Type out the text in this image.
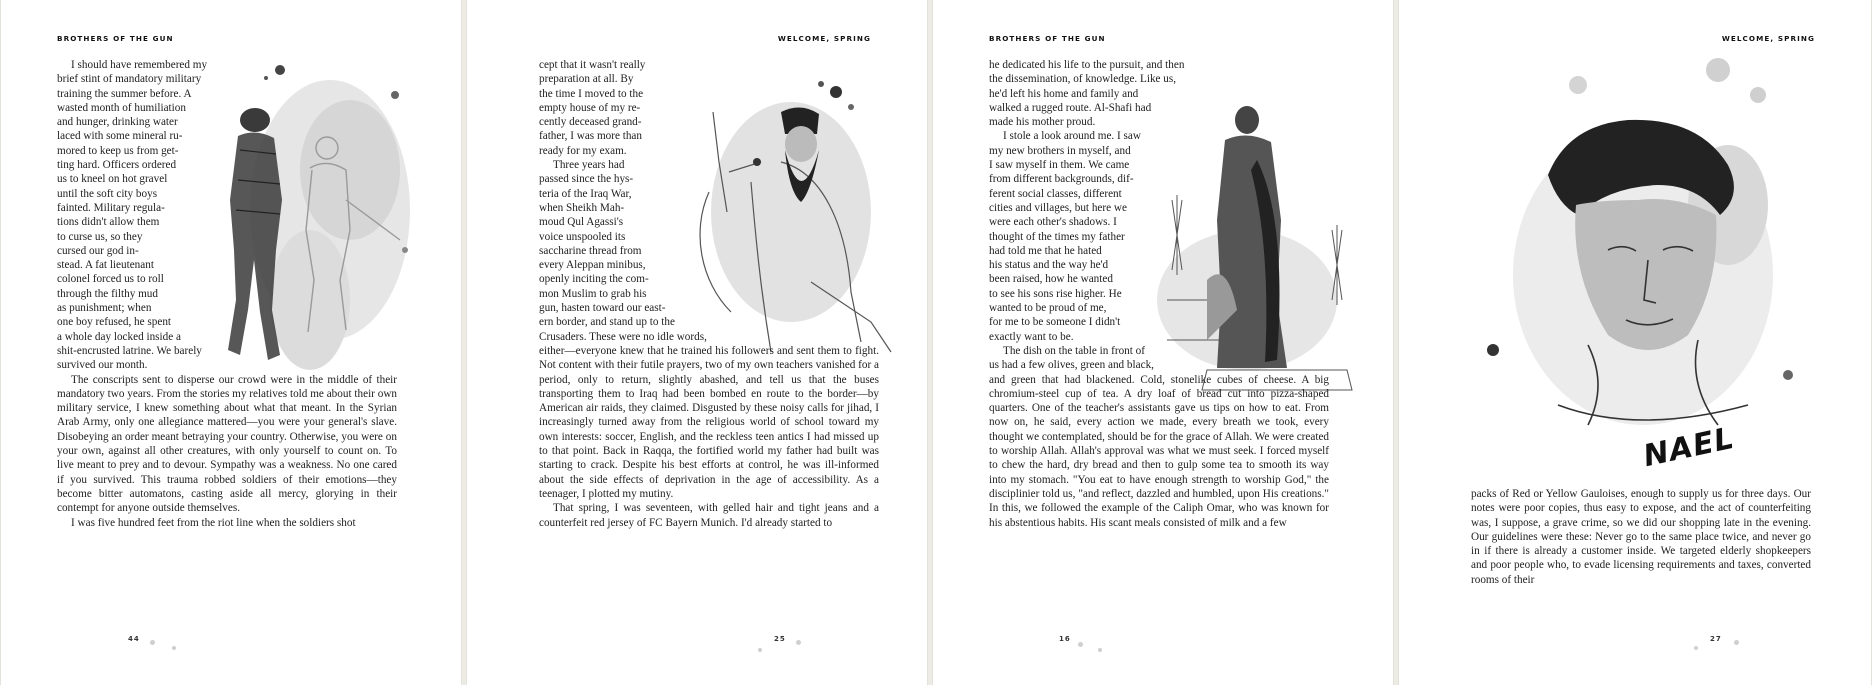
BROTHERS OF THE GUN
I should have remembered my
brief stint of mandatory military
training the summer before. A
wasted month of humiliation
and hunger, drinking water
laced with some mineral ru-
mored to keep us from get-
ting hard. Officers ordered
us to kneel on hot gravel
until the soft city boys
fainted. Military regula-
tions didn't allow them
to curse us, so they
cursed our god in-
stead. A fat lieutenant
colonel forced us to roll
through the filthy mud
as punishment; when
one boy refused, he spent
a whole day locked inside a
shit-encrusted latrine. We barely
survived our month.

The conscripts sent to disperse our crowd were in the middle of their mandatory two years. From the stories my relatives told me about their own military service, I knew something about what that meant. In the Syrian Arab Army, only one allegiance mattered—you were your general's slave. Disobeying an order meant betraying your country. Otherwise, you were on your own, against all other creatures, with only yourself to count on. To live meant to prey and to devour. Sympathy was a weakness. No one cared if you survived. This trauma robbed soldiers of their emotions—they become bitter automatons, casting aside all mercy, glorying in their contempt for anyone outside themselves.

I was five hundred feet from the riot line when the soldiers shot

44
WELCOME, SPRING
cept that it wasn't really
preparation at all. By
the time I moved to the
empty house of my re-
cently deceased grand-
father, I was more than
ready for my exam.
Three years had
passed since the hys-
teria of the Iraq War,
when Sheikh Mah-
moud Qul Agassi's
voice unspooled its
saccharine thread from
every Aleppan minibus,
openly inciting the com-
mon Muslim to grab his
gun, hasten toward our east-
ern border, and stand up to the
Crusaders. These were no idle words,

either—everyone knew that he trained his followers and sent them to fight. Not content with their futile prayers, two of my own teachers vanished for a period, only to return, slightly abashed, and tell us that the buses transporting them to Iraq had been bombed en route to the border—by American air raids, they claimed. Disgusted by these noisy calls for jihad, I increasingly turned away from the religious world of school toward my own interests: soccer, English, and the reckless teen antics I had missed up to that point. Back in Raqqa, the fortified world my father had built was starting to crack. Despite his best efforts at control, he was ill-informed about the side effects of deprivation in the age of accessibility. As a teenager, I plotted my mutiny.

That spring, I was seventeen, with gelled hair and tight jeans and a counterfeit red jersey of FC Bayern Munich. I'd already started to

25
BROTHERS OF THE GUN
he dedicated his life to the pursuit, and then
the dissemination, of knowledge. Like us,
he'd left his home and family and
walked a rugged route. Al-Shafi had
made his mother proud.
I stole a look around me. I saw
my new brothers in myself, and
I saw myself in them. We came
from different backgrounds, dif-
ferent social classes, different
cities and villages, but here we
were each other's shadows. I
thought of the times my father
had told me that he hated
his status and the way he'd
been raised, how he wanted
to see his sons rise higher. He
wanted to be proud of me,
for me to be someone I didn't
exactly want to be.
The dish on the table in front of
us had a few olives, green and black,

and green that had blackened. Cold, stonelike cubes of cheese. A big chromium-steel cup of tea. A dry loaf of bread cut into pizza-shaped quarters. One of the teacher's assistants gave us tips on how to eat. From now on, he said, every action we made, every breath we took, every thought we contemplated, should be for the grace of Allah. We were created to worship Allah. Allah's approval was what we must seek. I forced myself to chew the hard, dry bread and then to gulp some tea to smooth its way into my stomach. "You eat to have enough strength to worship God," the disciplinier told us, "and reflect, dazzled and humbled, upon His creations." In this, we followed the example of the Caliph Omar, who was known for his abstentious habits. His scant meals consisted of milk and a few

16
WELCOME, SPRING
NAEL

packs of Red or Yellow Gauloises, enough to supply us for three days. Our notes were poor copies, thus easy to expose, and the act of counterfeiting was, I suppose, a grave crime, so we did our shopping late in the evening. Our guidelines were these: Never go to the same place twice, and never go in if there is already a customer inside. We targeted elderly shopkeepers and poor people who, to evade licensing requirements and taxes, converted rooms of their

27
